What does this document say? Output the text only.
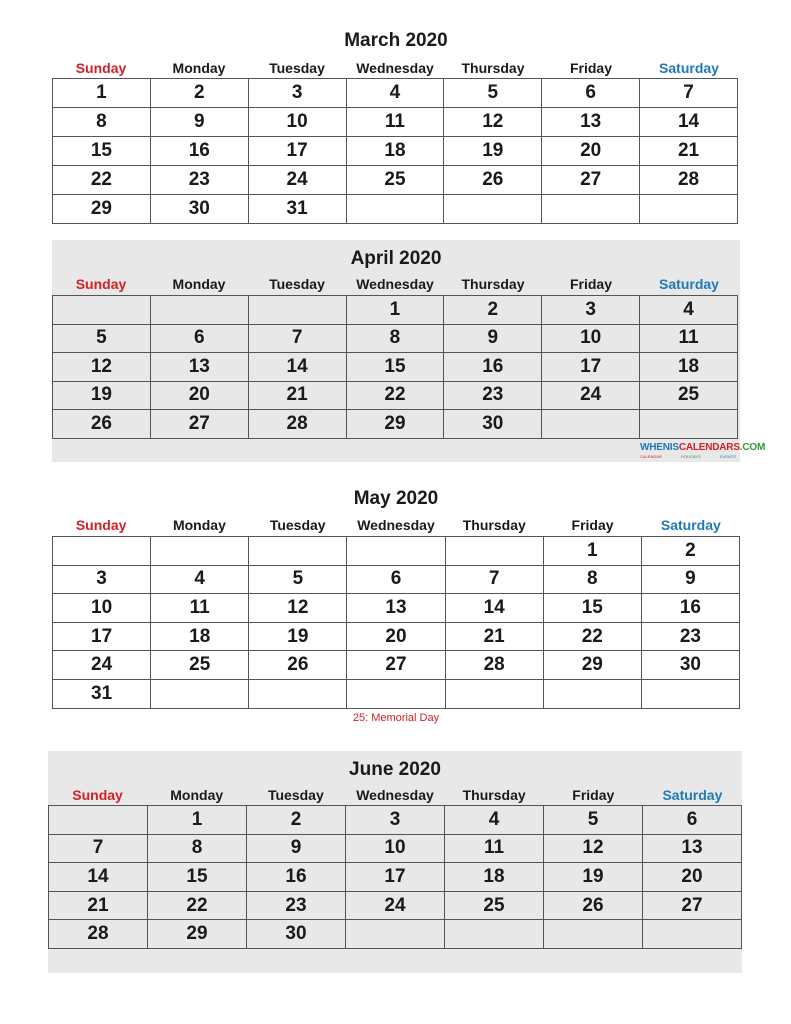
March 2020
Sunday	Monday	Tuesday	Wednesday	Thursday	Friday	Saturday
1	2	3	4	5	6	7
8	9	10	11	12	13	14
15	16	17	18	19	20	21
22	23	24	25	26	27	28
29	30	31				
April 2020
Sunday	Monday	Tuesday	Wednesday	Thursday	Friday	Saturday
			1	2	3	4
5	6	7	8	9	10	11
12	13	14	15	16	17	18
19	20	21	22	23	24	25
26	27	28	29	30		
WHENISCALENDARS.COM
CALENDAR	HOLIDAYS	EVENTS
May 2020
Sunday	Monday	Tuesday	Wednesday	Thursday	Friday	Saturday
					1	2
3	4	5	6	7	8	9
10	11	12	13	14	15	16
17	18	19	20	21	22	23
24	25	26	27	28	29	30
31						
25: Memorial Day
June 2020
Sunday	Monday	Tuesday	Wednesday	Thursday	Friday	Saturday
	1	2	3	4	5	6
7	8	9	10	11	12	13
14	15	16	17	18	19	20
21	22	23	24	25	26	27
28	29	30				
